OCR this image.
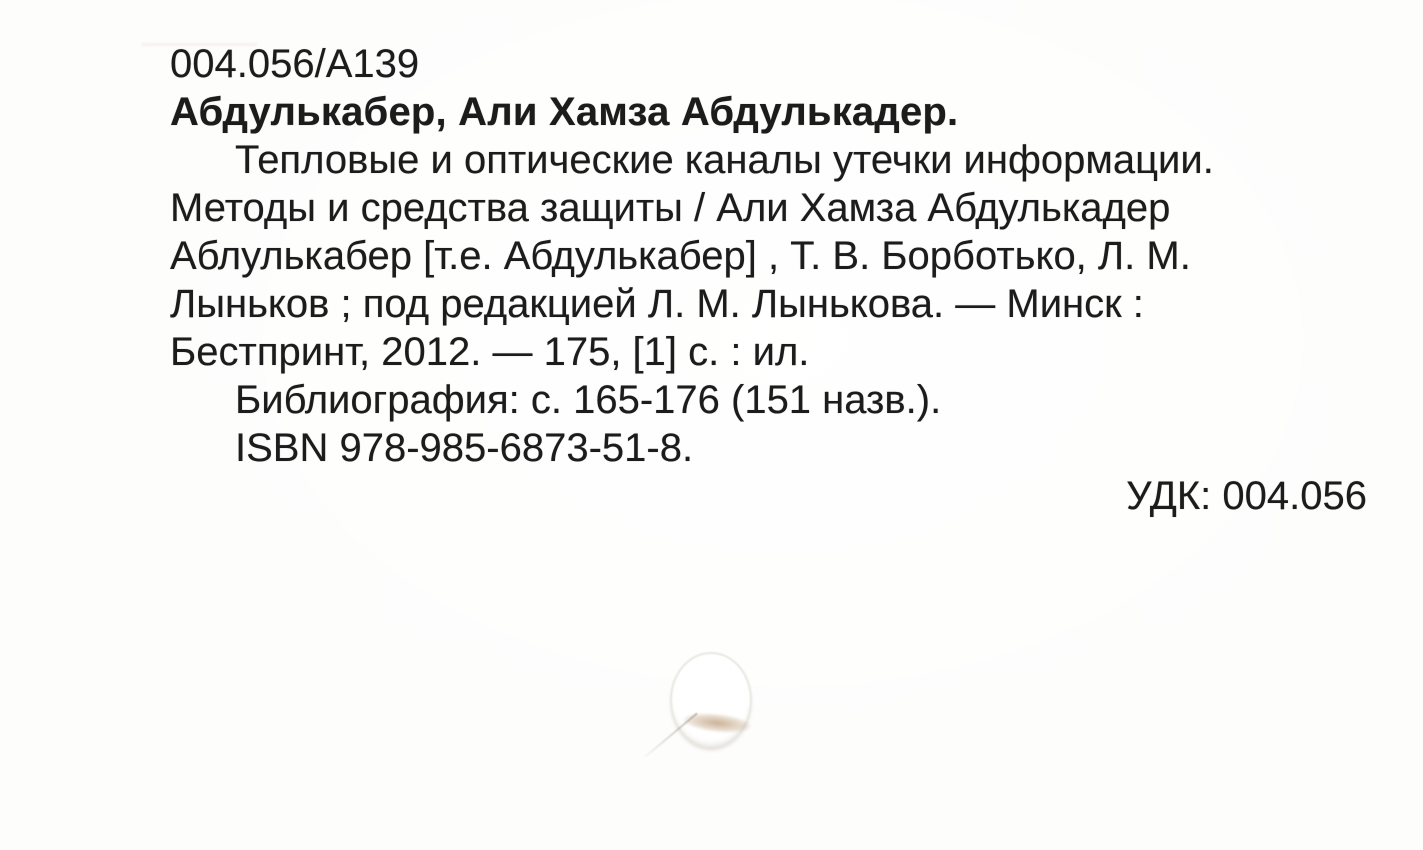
004.056/А139
Абдулькабер, Али Хамза Абдулькадер.
Тепловые и оптические каналы утечки информации.
Методы и средства защиты / Али Хамза Абдулькадер
Аблулькабер [т.е. Абдулькабер] , Т. В. Борботько, Л. М.
Лыньков ; под редакцией Л. М. Лынькова. — Минск :
Бестпринт, 2012. — 175, [1] с. : ил.
Библиография: с. 165-176 (151 назв.).
ISBN 978-985-6873-51-8.
УДК: 004.056
